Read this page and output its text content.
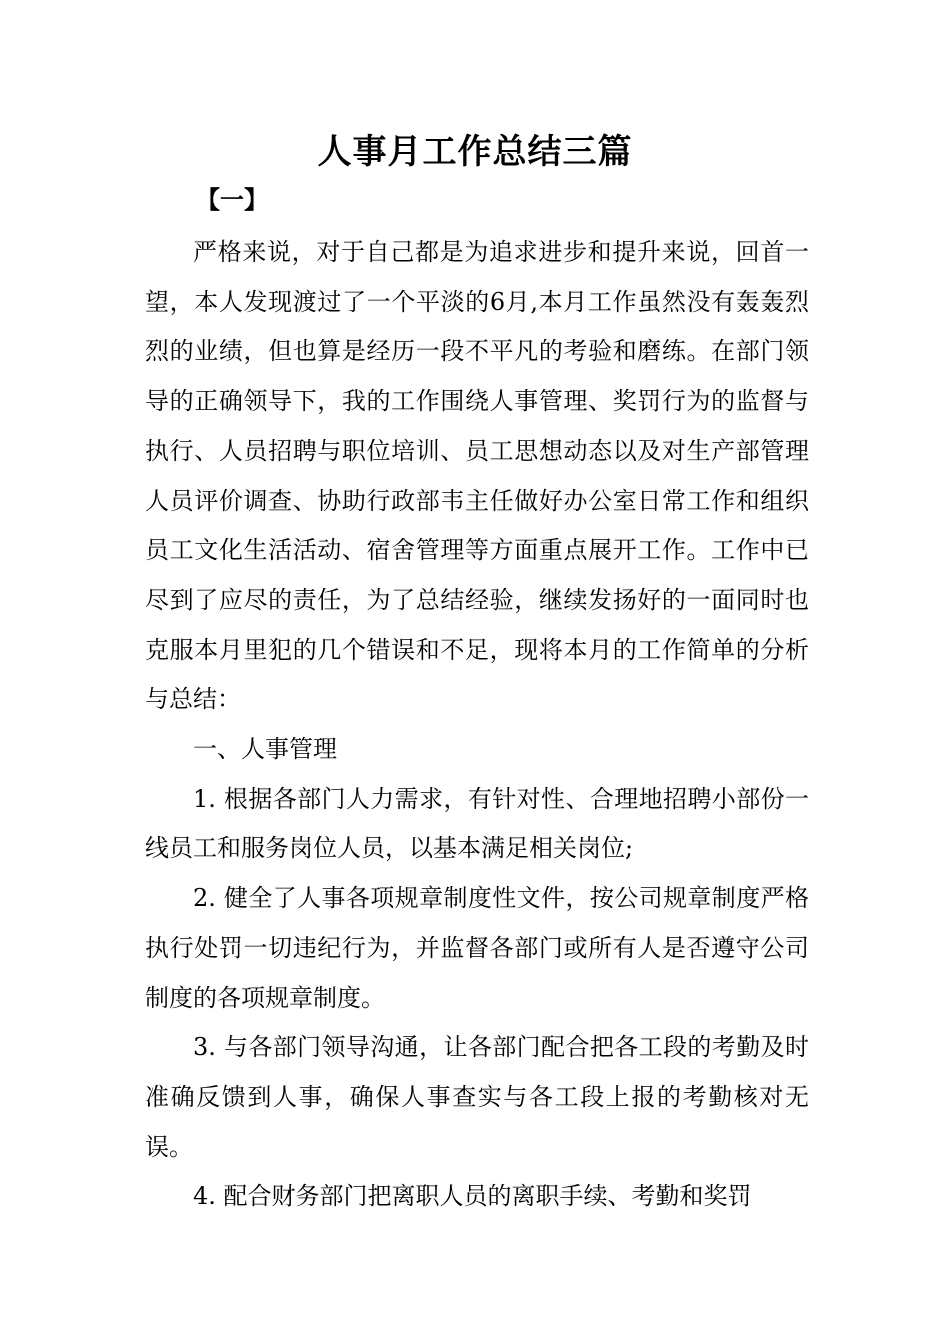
人事月工作总结三篇
【一】

严格来说，对于自己都是为追求进步和提升来说，回首一望，本人发现渡过了一个平淡的6月,本月工作虽然没有轰轰烈烈的业绩，但也算是经历一段不平凡的考验和磨练。在部门领导的正确领导下，我的工作围绕人事管理、奖罚行为的监督与执行、人员招聘与职位培训、员工思想动态以及对生产部管理人员评价调查、协助行政部韦主任做好办公室日常工作和组织员工文化生活活动、宿舍管理等方面重点展开工作。工作中已尽到了应尽的责任，为了总结经验，继续发扬好的一面同时也克服本月里犯的几个错误和不足，现将本月的工作简单的分析与总结：

一、人事管理

1. 根据各部门人力需求，有针对性、合理地招聘小部份一线员工和服务岗位人员，以基本满足相关岗位;

2. 健全了人事各项规章制度性文件，按公司规章制度严格执行处罚一切违纪行为，并监督各部门或所有人是否遵守公司制度的各项规章制度。

3. 与各部门领导沟通，让各部门配合把各工段的考勤及时准确反馈到人事，确保人事查实与各工段上报的考勤核对无误。

4. 配合财务部门把离职人员的离职手续、考勤和奖罚
